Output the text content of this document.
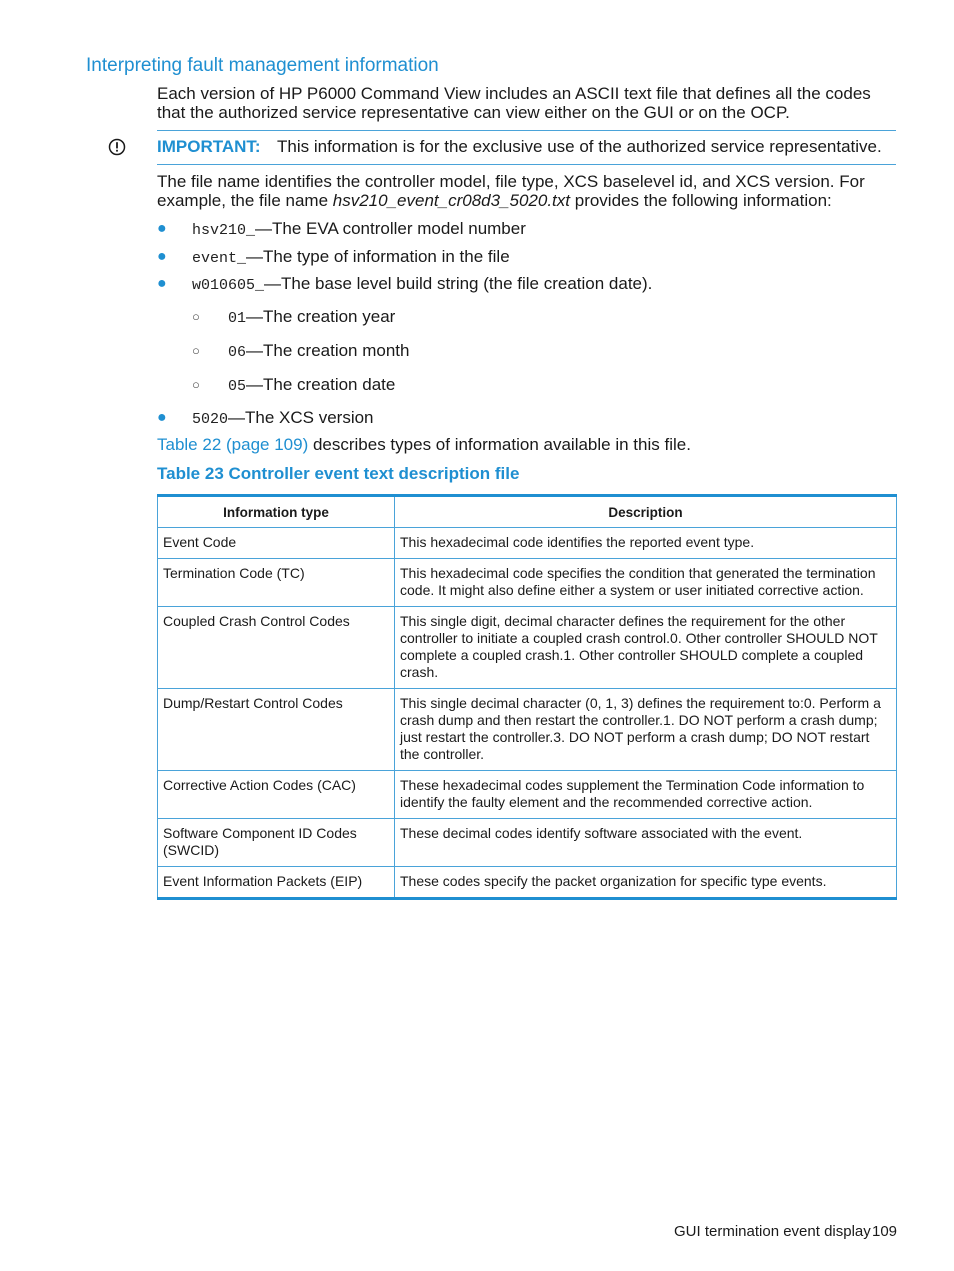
Interpreting fault management information
Each version of HP P6000 Command View includes an ASCII text file that defines all the codes that the authorized service representative can view either on the GUI or on the OCP.
IMPORTANT: This information is for the exclusive use of the authorized service representative.
The file name identifies the controller model, file type, XCS baselevel id, and XCS version. For example, the file name hsv210_event_cr08d3_5020.txt provides the following information:
● hsv210_—The EVA controller model number
● event_—The type of information in the file
● w010605_—The base level build string (the file creation date).
○ 01—The creation year
○ 06—The creation month
○ 05—The creation date
● 5020—The XCS version
Table 22 (page 109) describes types of information available in this file.
Table 23 Controller event text description file
Information type	Description
Event Code	This hexadecimal code identifies the reported event type.
Termination Code (TC)	This hexadecimal code specifies the condition that generated the termination code. It might also define either a system or user initiated corrective action.
Coupled Crash Control Codes	This single digit, decimal character defines the requirement for the other controller to initiate a coupled crash control.0. Other controller SHOULD NOT complete a coupled crash.1. Other controller SHOULD complete a coupled crash.
Dump/Restart Control Codes	This single decimal character (0, 1, 3) defines the requirement to:0. Perform a crash dump and then restart the controller.1. DO NOT perform a crash dump; just restart the controller.3. DO NOT perform a crash dump; DO NOT restart the controller.
Corrective Action Codes (CAC)	These hexadecimal codes supplement the Termination Code information to identify the faulty element and the recommended corrective action.
Software Component ID Codes (SWCID)	These decimal codes identify software associated with the event.
Event Information Packets (EIP)	These codes specify the packet organization for specific type events.
GUI termination event display 109
